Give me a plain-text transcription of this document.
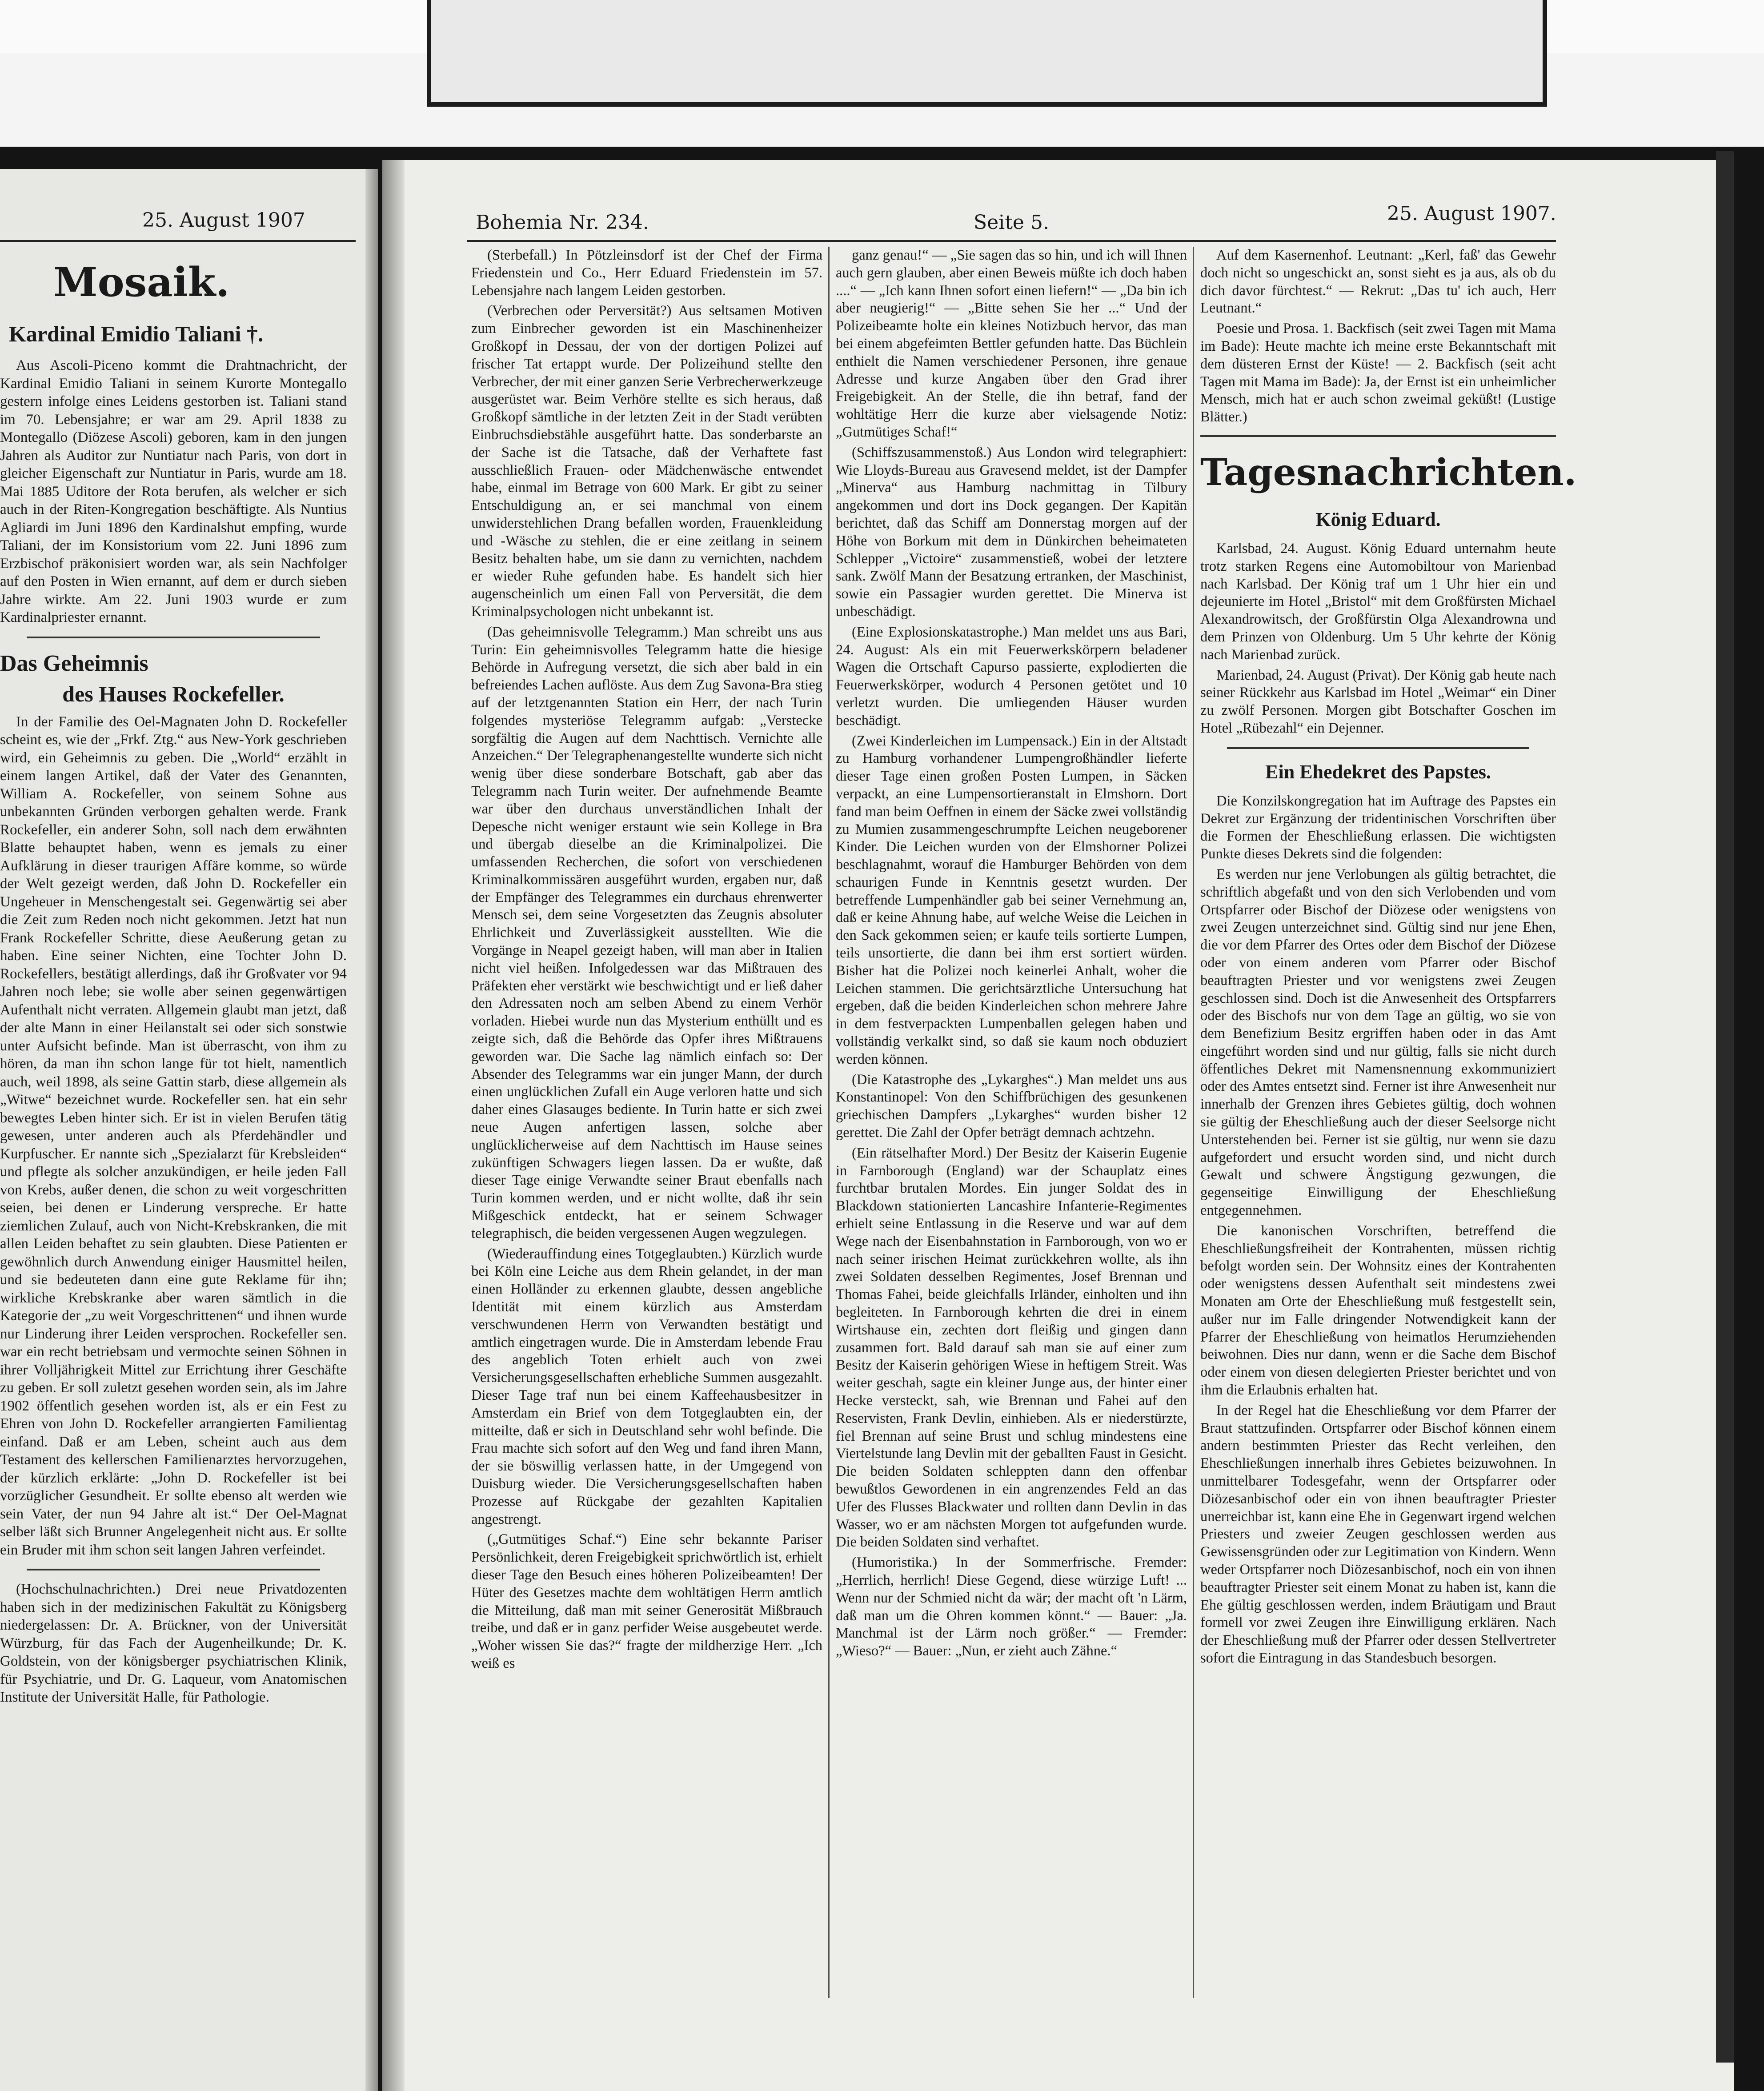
25. August 1907
Mosaik.
Kardinal Emidio Taliani †.

Aus Ascoli-Piceno kommt die Drahtnachricht, der Kardinal Emidio Taliani in seinem Kurorte Montegallo gestern infolge eines Leidens gestorben ist. Taliani stand im 70. Lebensjahre; er war am 29. April 1838 zu Montegallo (Diözese Ascoli) geboren, kam in den jungen Jahren als Auditor zur Nuntiatur nach Paris, von dort in gleicher Eigenschaft zur Nuntiatur in Paris, wurde am 18. Mai 1885 Uditore der Rota berufen, als welcher er sich auch in der Riten-Kongregation beschäftigte. Als Nuntius Agliardi im Juni 1896 den Kardinalshut empfing, wurde Taliani, der im Konsistorium vom 22. Juni 1896 zum Erzbischof präkonisiert worden war, als sein Nachfolger auf den Posten in Wien ernannt, auf dem er durch sieben Jahre wirkte. Am 22. Juni 1903 wurde er zum Kardinalpriester ernannt.

Das Geheimnis
des Hauses Rockefeller.

In der Familie des Oel-Magnaten John D. Rockefeller scheint es, wie der „Frkf. Ztg.“ aus New-York geschrieben wird, ein Geheimnis zu geben. Die „World“ erzählt in einem langen Artikel, daß der Vater des Genannten, William A. Rockefeller, von seinem Sohne aus unbekannten Gründen verborgen gehalten werde. Frank Rockefeller, ein anderer Sohn, soll nach dem erwähnten Blatte behauptet haben, wenn es jemals zu einer Aufklärung in dieser traurigen Affäre komme, so würde der Welt gezeigt werden, daß John D. Rockefeller ein Ungeheuer in Menschengestalt sei. Gegenwärtig sei aber die Zeit zum Reden noch nicht gekommen. Jetzt hat nun Frank Rockefeller Schritte, diese Aeußerung getan zu haben. Eine seiner Nichten, eine Tochter John D. Rockefellers, bestätigt allerdings, daß ihr Großvater vor 94 Jahren noch lebe; sie wolle aber seinen gegenwärtigen Aufenthalt nicht verraten. Allgemein glaubt man jetzt, daß der alte Mann in einer Heilanstalt sei oder sich sonstwie unter Aufsicht befinde. Man ist überrascht, von ihm zu hören, da man ihn schon lange für tot hielt, namentlich auch, weil 1898, als seine Gattin starb, diese allgemein als „Witwe“ bezeichnet wurde. Rockefeller sen. hat ein sehr bewegtes Leben hinter sich. Er ist in vielen Berufen tätig gewesen, unter anderen auch als Pferdehändler und Kurpfuscher. Er nannte sich „Spezialarzt für Krebsleiden“ und pflegte als solcher anzukündigen, er heile jeden Fall von Krebs, außer denen, die schon zu weit vorgeschritten seien, bei denen er Linderung verspreche. Er hatte ziemlichen Zulauf, auch von Nicht-Krebskranken, die mit allen Leiden behaftet zu sein glaubten. Diese Patienten er gewöhnlich durch Anwendung einiger Hausmittel heilen, und sie bedeuteten dann eine gute Reklame für ihn; wirkliche Krebskranke aber waren sämtlich in die Kategorie der „zu weit Vorgeschrittenen“ und ihnen wurde nur Linderung ihrer Leiden versprochen. Rockefeller sen. war ein recht betriebsam und vermochte seinen Söhnen in ihrer Volljährigkeit Mittel zur Errichtung ihrer Geschäfte zu geben. Er soll zuletzt gesehen worden sein, als im Jahre 1902 öffentlich gesehen worden ist, als er ein Fest zu Ehren von John D. Rockefeller arrangierten Familientag einfand. Daß er am Leben, scheint auch aus dem Testament des kellerschen Familienarztes hervorzugehen, der kürzlich erklärte: „John D. Rockefeller ist bei vorzüglicher Gesundheit. Er sollte ebenso alt werden wie sein Vater, der nun 94 Jahre alt ist.“ Der Oel-Magnat selber läßt sich Brunner Angelegenheit nicht aus. Er sollte ein Bruder mit ihm schon seit langen Jahren verfeindet.

(Hochschulnachrichten.) Drei neue Privatdozenten haben sich in der medizinischen Fakultät zu Königsberg niedergelassen: Dr. A. Brückner, von der Universität Würzburg, für das Fach der Augenheilkunde; Dr. K. Goldstein, von der königsberger psychiatrischen Klinik, für Psychiatrie, und Dr. G. Laqueur, vom Anatomischen Institute der Universität Halle, für Pathologie.

Bohemia Nr. 234.	Seite 5.	25. August 1907.

(Sterbefall.) In Pötzleinsdorf ist der Chef der Firma Friedenstein und Co., Herr Eduard Friedenstein im 57. Lebensjahre nach langem Leiden gestorben.

(Verbrechen oder Perversität?) Aus seltsamen Motiven zum Einbrecher geworden ist ein Maschinenheizer Großkopf in Dessau, der von der dortigen Polizei auf frischer Tat ertappt wurde. Der Polizeihund stellte den Verbrecher, der mit einer ganzen Serie Verbrecherwerkzeuge ausgerüstet war. Beim Verhöre stellte es sich heraus, daß Großkopf sämtliche in der letzten Zeit in der Stadt verübten Einbruchsdiebstähle ausgeführt hatte. Das sonderbarste an der Sache ist die Tatsache, daß der Verhaftete fast ausschließlich Frauen- oder Mädchenwäsche entwendet habe, einmal im Betrage von 600 Mark. Er gibt zu seiner Entschuldigung an, er sei manchmal von einem unwiderstehlichen Drang befallen worden, Frauenkleidung und -Wäsche zu stehlen, die er eine zeitlang in seinem Besitz behalten habe, um sie dann zu vernichten, nachdem er wieder Ruhe gefunden habe. Es handelt sich hier augenscheinlich um einen Fall von Perversität, die dem Kriminalpsychologen nicht unbekannt ist.

(Das geheimnisvolle Telegramm.) Man schreibt uns aus Turin: Ein geheimnisvolles Telegramm hatte die hiesige Behörde in Aufregung versetzt, die sich aber bald in ein befreiendes Lachen auflöste. Aus dem Zug Savona-Bra stieg auf der letztgenannten Station ein Herr, der nach Turin folgendes mysteriöse Telegramm aufgab: „Verstecke sorgfältig die Augen auf dem Nachttisch. Vernichte alle Anzeichen.“ Der Telegraphenangestellte wunderte sich nicht wenig über diese sonderbare Botschaft, gab aber das Telegramm nach Turin weiter. Der aufnehmende Beamte war über den durchaus unverständlichen Inhalt der Depesche nicht weniger erstaunt wie sein Kollege in Bra und übergab dieselbe an die Kriminalpolizei. Die umfassenden Recherchen, die sofort von verschiedenen Kriminalkommissären ausgeführt wurden, ergaben nur, daß der Empfänger des Telegrammes ein durchaus ehrenwerter Mensch sei, dem seine Vorgesetzten das Zeugnis absoluter Ehrlichkeit und Zuverlässigkeit ausstellten. Wie die Vorgänge in Neapel gezeigt haben, will man aber in Italien nicht viel heißen. Infolgedessen war das Mißtrauen des Präfekten eher verstärkt wie beschwichtigt und er ließ daher den Adressaten noch am selben Abend zu einem Verhör vorladen. Hiebei wurde nun das Mysterium enthüllt und es zeigte sich, daß die Behörde das Opfer ihres Mißtrauens geworden war. Die Sache lag nämlich einfach so: Der Absender des Telegramms war ein junger Mann, der durch einen unglücklichen Zufall ein Auge verloren hatte und sich daher eines Glasauges bediente. In Turin hatte er sich zwei neue Augen anfertigen lassen, solche aber unglücklicherweise auf dem Nachttisch im Hause seines zukünftigen Schwagers liegen lassen. Da er wußte, daß dieser Tage einige Verwandte seiner Braut ebenfalls nach Turin kommen werden, und er nicht wollte, daß ihr sein Mißgeschick entdeckt, hat er seinem Schwager telegraphisch, die beiden vergessenen Augen wegzulegen.

(Wiederauffindung eines Totgeglaubten.) Kürzlich wurde bei Köln eine Leiche aus dem Rhein gelandet, in der man einen Holländer zu erkennen glaubte, dessen angebliche Identität mit einem kürzlich aus Amsterdam verschwundenen Herrn von Verwandten bestätigt und amtlich eingetragen wurde. Die in Amsterdam lebende Frau des angeblich Toten erhielt auch von zwei Versicherungsgesellschaften erhebliche Summen ausgezahlt. Dieser Tage traf nun bei einem Kaffeehausbesitzer in Amsterdam ein Brief von dem Totgeglaubten ein, der mitteilte, daß er sich in Deutschland sehr wohl befinde. Die Frau machte sich sofort auf den Weg und fand ihren Mann, der sie böswillig verlassen hatte, in der Umgegend von Duisburg wieder. Die Versicherungsgesellschaften haben Prozesse auf Rückgabe der gezahlten Kapitalien angestrengt.

(„Gutmütiges Schaf.“) Eine sehr bekannte Pariser Persönlichkeit, deren Freigebigkeit sprichwörtlich ist, erhielt dieser Tage den Besuch eines höheren Polizeibeamten! Der Hüter des Gesetzes machte dem wohltätigen Herrn amtlich die Mitteilung, daß man mit seiner Generosität Mißbrauch treibe, und daß er in ganz perfider Weise ausgebeutet werde. „Woher wissen Sie das?“ fragte der mildherzige Herr. „Ich weiß es

ganz genau!“ — „Sie sagen das so hin, und ich will Ihnen auch gern glauben, aber einen Beweis müßte ich doch haben ....“ — „Ich kann Ihnen sofort einen liefern!“ — „Da bin ich aber neugierig!“ — „Bitte sehen Sie her ...“ Und der Polizeibeamte holte ein kleines Notizbuch hervor, das man bei einem abgefeimten Bettler gefunden hatte. Das Büchlein enthielt die Namen verschiedener Personen, ihre genaue Adresse und kurze Angaben über den Grad ihrer Freigebigkeit. An der Stelle, die ihn betraf, fand der wohltätige Herr die kurze aber vielsagende Notiz: „Gutmütiges Schaf!“

(Schiffszusammenstoß.) Aus London wird telegraphiert: Wie Lloyds-Bureau aus Gravesend meldet, ist der Dampfer „Minerva“ aus Hamburg nachmittag in Tilbury angekommen und dort ins Dock gegangen. Der Kapitän berichtet, daß das Schiff am Donnerstag morgen auf der Höhe von Borkum mit dem in Dünkirchen beheimateten Schlepper „Victoire“ zusammenstieß, wobei der letztere sank. Zwölf Mann der Besatzung ertranken, der Maschinist, sowie ein Passagier wurden gerettet. Die Minerva ist unbeschädigt.

(Eine Explosionskatastrophe.) Man meldet uns aus Bari, 24. August: Als ein mit Feuerwerkskörpern beladener Wagen die Ortschaft Capurso passierte, explodierten die Feuerwerkskörper, wodurch 4 Personen getötet und 10 verletzt wurden. Die umliegenden Häuser wurden beschädigt.

(Zwei Kinderleichen im Lumpensack.) Ein in der Altstadt zu Hamburg vorhandener Lumpengroßhändler lieferte dieser Tage einen großen Posten Lumpen, in Säcken verpackt, an eine Lumpensortieranstalt in Elmshorn. Dort fand man beim Oeffnen in einem der Säcke zwei vollständig zu Mumien zusammengeschrumpfte Leichen neugeborener Kinder. Die Leichen wurden von der Elmshorner Polizei beschlagnahmt, worauf die Hamburger Behörden von dem schaurigen Funde in Kenntnis gesetzt wurden. Der betreffende Lumpenhändler gab bei seiner Vernehmung an, daß er keine Ahnung habe, auf welche Weise die Leichen in den Sack gekommen seien; er kaufe teils sortierte Lumpen, teils unsortierte, die dann bei ihm erst sortiert würden. Bisher hat die Polizei noch keinerlei Anhalt, woher die Leichen stammen. Die gerichtsärztliche Untersuchung hat ergeben, daß die beiden Kinderleichen schon mehrere Jahre in dem festverpackten Lumpenballen gelegen haben und vollständig verkalkt sind, so daß sie kaum noch obduziert werden können.

(Die Katastrophe des „Lykarghes“.) Man meldet uns aus Konstantinopel: Von den Schiffbrüchigen des gesunkenen griechischen Dampfers „Lykarghes“ wurden bisher 12 gerettet. Die Zahl der Opfer beträgt demnach achtzehn.

(Ein rätselhafter Mord.) Der Besitz der Kaiserin Eugenie in Farnborough (England) war der Schauplatz eines furchtbar brutalen Mordes. Ein junger Soldat des in Blackdown stationierten Lancashire Infanterie-Regimentes erhielt seine Entlassung in die Reserve und war auf dem Wege nach der Eisenbahnstation in Farnborough, von wo er nach seiner irischen Heimat zurückkehren wollte, als ihn zwei Soldaten desselben Regimentes, Josef Brennan und Thomas Fahei, beide gleichfalls Irländer, einholten und ihn begleiteten. In Farnborough kehrten die drei in einem Wirtshause ein, zechten dort fleißig und gingen dann zusammen fort. Bald darauf sah man sie auf einer zum Besitz der Kaiserin gehörigen Wiese in heftigem Streit. Was weiter geschah, sagte ein kleiner Junge aus, der hinter einer Hecke versteckt, sah, wie Brennan und Fahei auf den Reservisten, Frank Devlin, einhieben. Als er niederstürzte, fiel Brennan auf seine Brust und schlug mindestens eine Viertelstunde lang Devlin mit der geballten Faust in Gesicht. Die beiden Soldaten schleppten dann den offenbar bewußtlos Gewordenen in ein angrenzendes Feld an das Ufer des Flusses Blackwater und rollten dann Devlin in das Wasser, wo er am nächsten Morgen tot aufgefunden wurde. Die beiden Soldaten sind verhaftet.

(Humoristika.) In der Sommerfrische. Fremder: „Herrlich, herrlich! Diese Gegend, diese würzige Luft! ... Wenn nur der Schmied nicht da wär; der macht oft 'n Lärm, daß man um die Ohren kommen könnt.“ — Bauer: „Ja. Manchmal ist der Lärm noch größer.“ — Fremder: „Wieso?“ — Bauer: „Nun, er zieht auch Zähne.“

Auf dem Kasernenhof. Leutnant: „Kerl, faß' das Gewehr doch nicht so ungeschickt an, sonst sieht es ja aus, als ob du dich davor fürchtest.“ — Rekrut: „Das tu' ich auch, Herr Leutnant.“

Poesie und Prosa. 1. Backfisch (seit zwei Tagen mit Mama im Bade): Heute machte ich meine erste Bekanntschaft mit dem düsteren Ernst der Küste! — 2. Backfisch (seit acht Tagen mit Mama im Bade): Ja, der Ernst ist ein unheimlicher Mensch, mich hat er auch schon zweimal geküßt! (Lustige Blätter.)

Tagesnachrichten.
König Eduard.

Karlsbad, 24. August. König Eduard unternahm heute trotz starken Regens eine Automobiltour von Marienbad nach Karlsbad. Der König traf um 1 Uhr hier ein und dejeunierte im Hotel „Bristol“ mit dem Großfürsten Michael Alexandrowitsch, der Großfürstin Olga Alexandrowna und dem Prinzen von Oldenburg. Um 5 Uhr kehrte der König nach Marienbad zurück.

Marienbad, 24. August (Privat). Der König gab heute nach seiner Rückkehr aus Karlsbad im Hotel „Weimar“ ein Diner zu zwölf Personen. Morgen gibt Botschafter Goschen im Hotel „Rübezahl“ ein Dejenner.

Ein Ehedekret des Papstes.

Die Konzilskongregation hat im Auftrage des Papstes ein Dekret zur Ergänzung der tridentinischen Vorschriften über die Formen der Eheschließung erlassen. Die wichtigsten Punkte dieses Dekrets sind die folgenden:

Es werden nur jene Verlobungen als gültig betrachtet, die schriftlich abgefaßt und von den sich Verlobenden und vom Ortspfarrer oder Bischof der Diözese oder wenigstens von zwei Zeugen unterzeichnet sind. Gültig sind nur jene Ehen, die vor dem Pfarrer des Ortes oder dem Bischof der Diözese oder von einem anderen vom Pfarrer oder Bischof beauftragten Priester und vor wenigstens zwei Zeugen geschlossen sind. Doch ist die Anwesenheit des Ortspfarrers oder des Bischofs nur von dem Tage an gültig, wo sie von dem Benefizium Besitz ergriffen haben oder in das Amt eingeführt worden sind und nur gültig, falls sie nicht durch öffentliches Dekret mit Namensnennung exkommuniziert oder des Amtes entsetzt sind. Ferner ist ihre Anwesenheit nur innerhalb der Grenzen ihres Gebietes gültig, doch wohnen sie gültig der Eheschließung auch der dieser Seelsorge nicht Unterstehenden bei. Ferner ist sie gültig, nur wenn sie dazu aufgefordert und ersucht worden sind, und nicht durch Gewalt und schwere Ängstigung gezwungen, die gegenseitige Einwilligung der Eheschließung entgegennehmen.

Die kanonischen Vorschriften, betreffend die Eheschließungsfreiheit der Kontrahenten, müssen richtig befolgt worden sein. Der Wohnsitz eines der Kontrahenten oder wenigstens dessen Aufenthalt seit mindestens zwei Monaten am Orte der Eheschließung muß festgestellt sein, außer nur im Falle dringender Notwendigkeit kann der Pfarrer der Eheschließung von heimatlos Herumziehenden beiwohnen. Dies nur dann, wenn er die Sache dem Bischof oder einem von diesen delegierten Priester berichtet und von ihm die Erlaubnis erhalten hat.

In der Regel hat die Eheschließung vor dem Pfarrer der Braut stattzufinden. Ortspfarrer oder Bischof können einem andern bestimmten Priester das Recht verleihen, den Eheschließungen innerhalb ihres Gebietes beizuwohnen. In unmittelbarer Todesgefahr, wenn der Ortspfarrer oder Diözesanbischof oder ein von ihnen beauftragter Priester unerreichbar ist, kann eine Ehe in Gegenwart irgend welchen Priesters und zweier Zeugen geschlossen werden aus Gewissensgründen oder zur Legitimation von Kindern. Wenn weder Ortspfarrer noch Diözesanbischof, noch ein von ihnen beauftragter Priester seit einem Monat zu haben ist, kann die Ehe gültig geschlossen werden, indem Bräutigam und Braut formell vor zwei Zeugen ihre Einwilligung erklären. Nach der Eheschließung muß der Pfarrer oder dessen Stellvertreter sofort die Eintragung in das Standesbuch besorgen.
